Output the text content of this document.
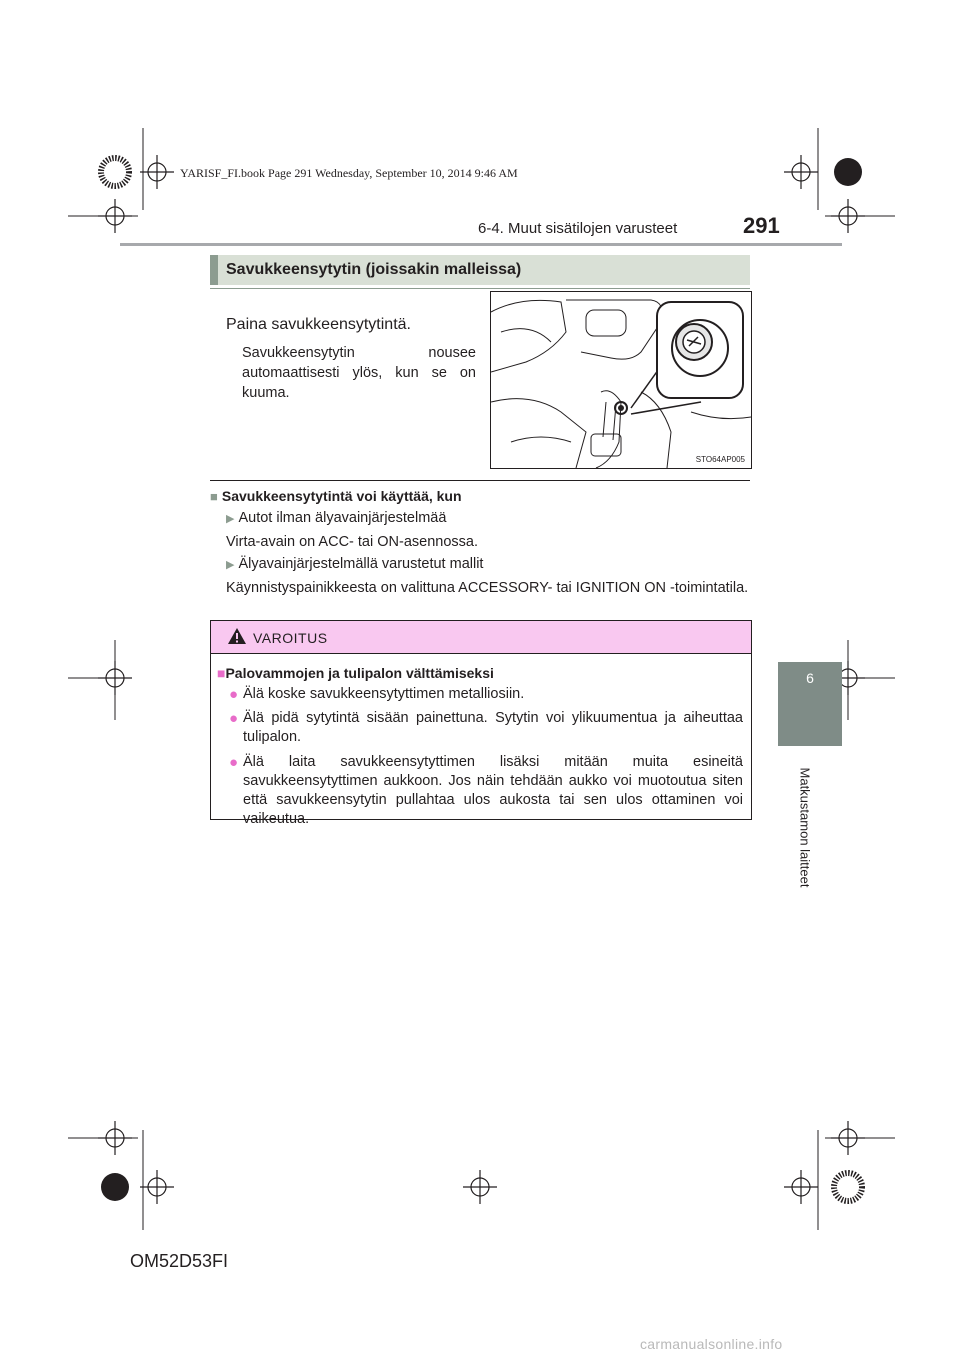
YARISF_FI.book Page 291 Wednesday, September 10, 2014 9:46 AM
6-4. Muut sisätilojen varusteet	291
6
Matkustamon laitteet
Savukkeensytytin (joissakin malleissa)
Paina savukkeensytytintä.
Savukkeensytytin nousee automaattisesti ylös, kun se on kuuma.
STO64AP005
■ Savukkeensytytintä voi käyttää, kun
▶ Autot ilman älyavainjärjestelmää
Virta-avain on ACC- tai ON-asennossa.
▶ Älyavainjärjestelmällä varustetut mallit
Käynnistyspainikkeesta on valittuna ACCESSORY- tai IGNITION ON -toimintatila.
VAROITUS
■Palovammojen ja tulipalon välttämiseksi
● Älä koske savukkeensytyttimen metalliosiin.
● Älä pidä sytytintä sisään painettuna. Sytytin voi ylikuumentua ja aiheuttaa tulipalon.
● Älä laita savukkeensytyttimen lisäksi mitään muita esineitä savukkeensytyttimen aukkoon. Jos näin tehdään aukko voi muotoutua siten että savukkeensytytin pullahtaa ulos aukosta tai sen ulos ottaminen voi vaikeutua.
OM52D53FI
carmanualsonline.info
